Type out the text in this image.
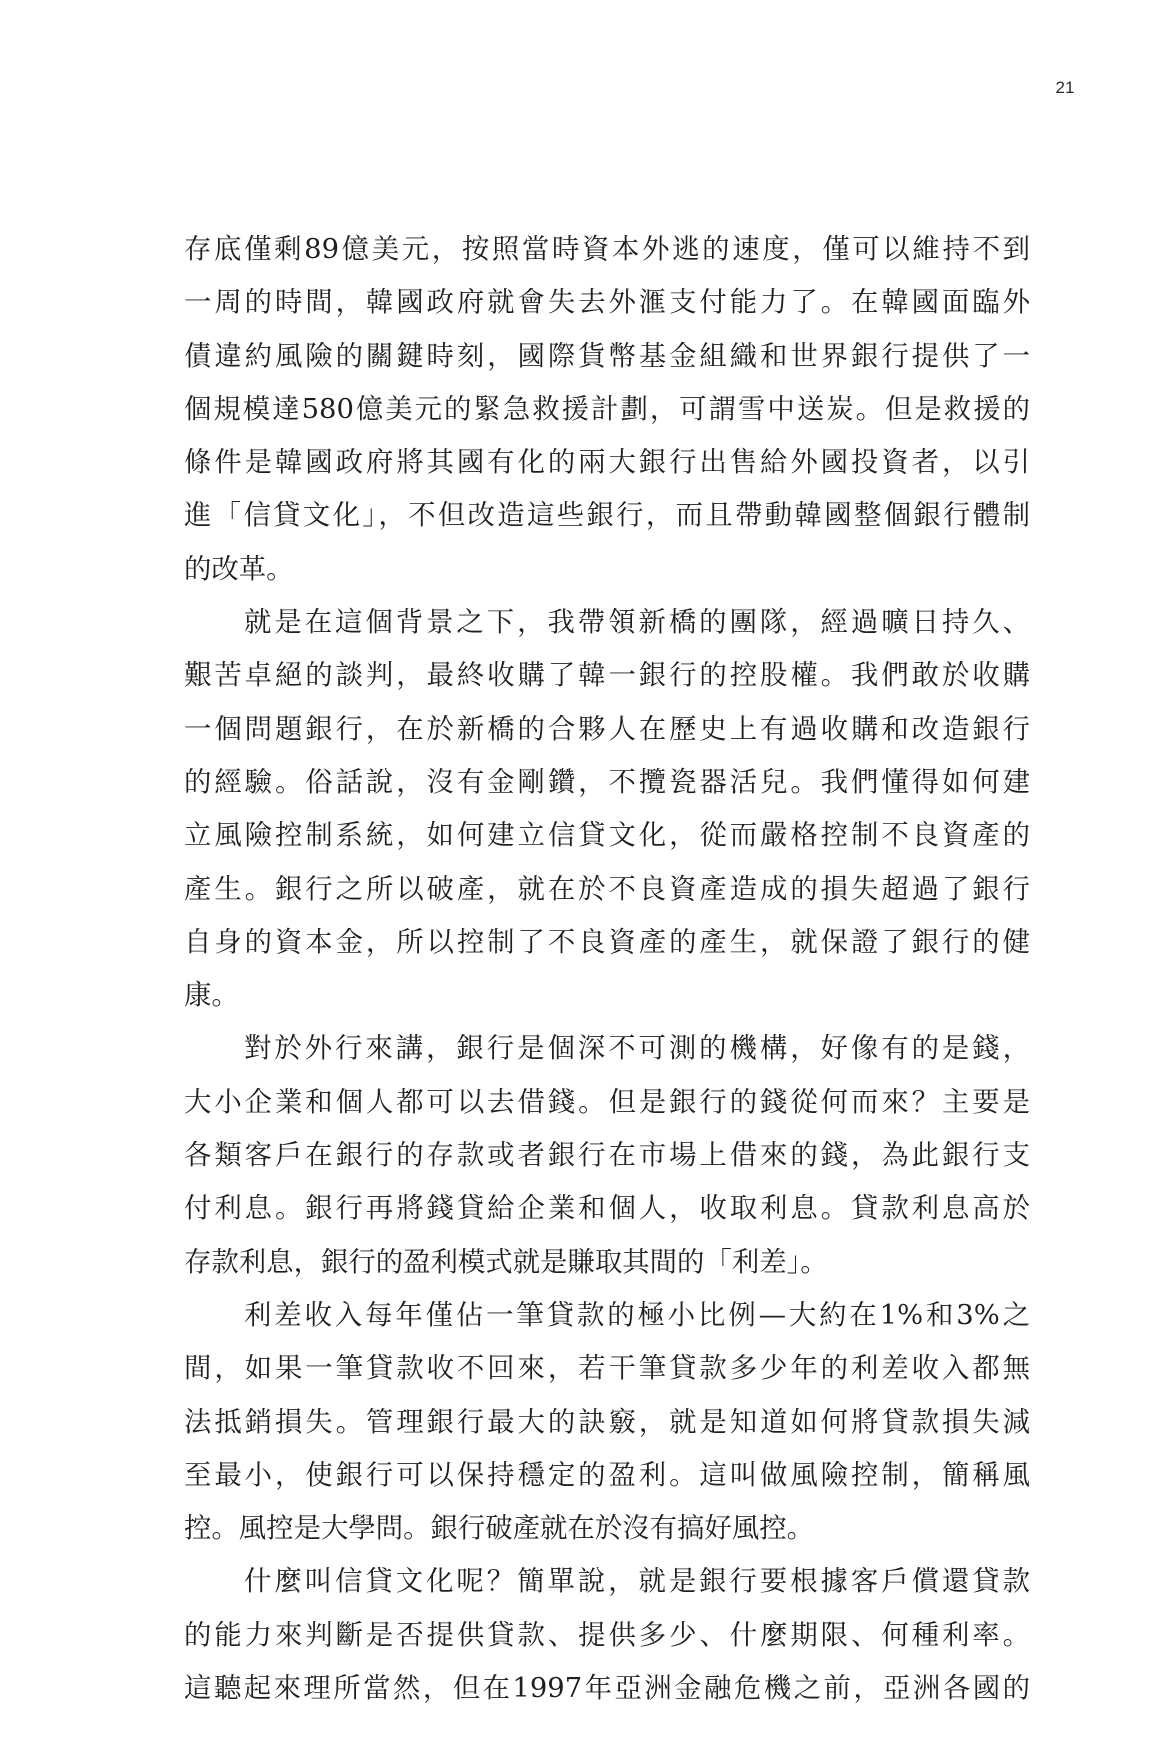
21
存底僅剩89億美元，按照當時資本外逃的速度，僅可以維持不到
一周的時間，韓國政府就會失去外滙支付能力了。在韓國面臨外
債違約風險的關鍵時刻，國際貨幣基金組織和世界銀行提供了一
個規模達580億美元的緊急救援計劃，可謂雪中送炭。但是救援的
條件是韓國政府將其國有化的兩大銀行出售給外國投資者，以引
進「信貸文化」，不但改造這些銀行，而且帶動韓國整個銀行體制
的改革。
就是在這個背景之下，我帶領新橋的團隊，經過曠日持久、
艱苦卓絕的談判，最終收購了韓一銀行的控股權。我們敢於收購
一個問題銀行，在於新橋的合夥人在歷史上有過收購和改造銀行
的經驗。俗話說，沒有金剛鑽，不攬瓷器活兒。我們懂得如何建
立風險控制系統，如何建立信貸文化，從而嚴格控制不良資產的
產生。銀行之所以破產，就在於不良資產造成的損失超過了銀行
自身的資本金，所以控制了不良資產的產生，就保證了銀行的健
康。
對於外行來講，銀行是個深不可測的機構，好像有的是錢，
大小企業和個人都可以去借錢。但是銀行的錢從何而來？主要是
各類客戶在銀行的存款或者銀行在市場上借來的錢，為此銀行支
付利息。銀行再將錢貸給企業和個人，收取利息。貸款利息高於
存款利息，銀行的盈利模式就是賺取其間的「利差」。
利差收入每年僅佔一筆貸款的極小比例—大約在1%和3%之
間，如果一筆貸款收不回來，若干筆貸款多少年的利差收入都無
法抵銷損失。管理銀行最大的訣竅，就是知道如何將貸款損失減
至最小，使銀行可以保持穩定的盈利。這叫做風險控制，簡稱風
控。風控是大學問。銀行破產就在於沒有搞好風控。
什麼叫信貸文化呢？簡單說，就是銀行要根據客戶償還貸款
的能力來判斷是否提供貸款、提供多少、什麼期限、何種利率。
這聽起來理所當然，但在1997年亞洲金融危機之前，亞洲各國的
